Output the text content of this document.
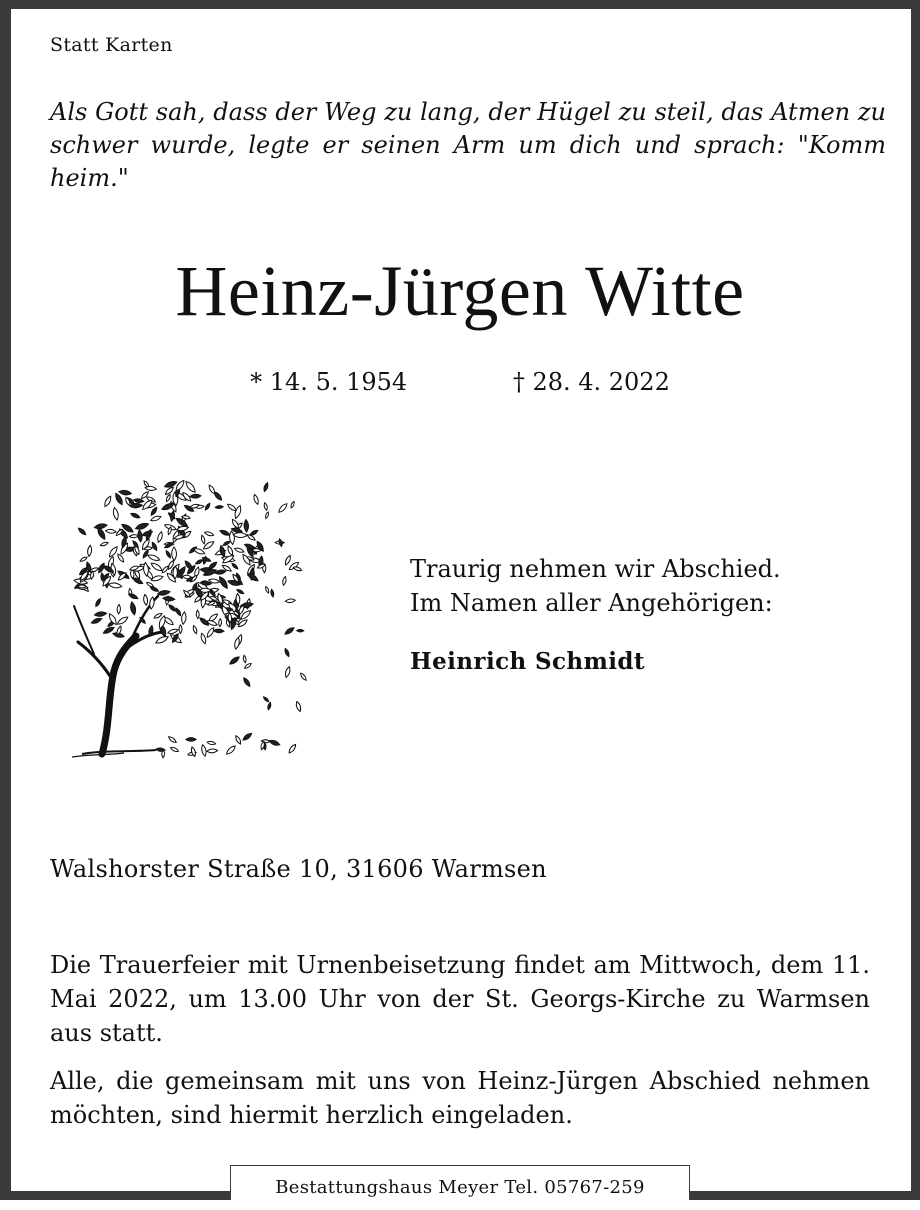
Statt Karten
Als Gott sah, dass der Weg zu lang, der Hügel zu steil, das Atmen zu schwer wurde, legte er seinen Arm um dich und sprach: "Komm heim."
Heinz-Jürgen Witte
* 14. 5. 1954	† 28. 4. 2022
Traurig nehmen wir Abschied.
Im Namen aller Angehörigen:
Heinrich Schmidt
Walshorster Straße 10, 31606 Warmsen
Die Trauerfeier mit Urnenbeisetzung findet am Mittwoch, dem 11. Mai 2022, um 13.00 Uhr von der St. Georgs-Kirche zu Warmsen aus statt.
Alle, die gemeinsam mit uns von Heinz-Jürgen Abschied nehmen möchten, sind hiermit herzlich eingeladen.
Bestattungshaus Meyer Tel. 05767-259
